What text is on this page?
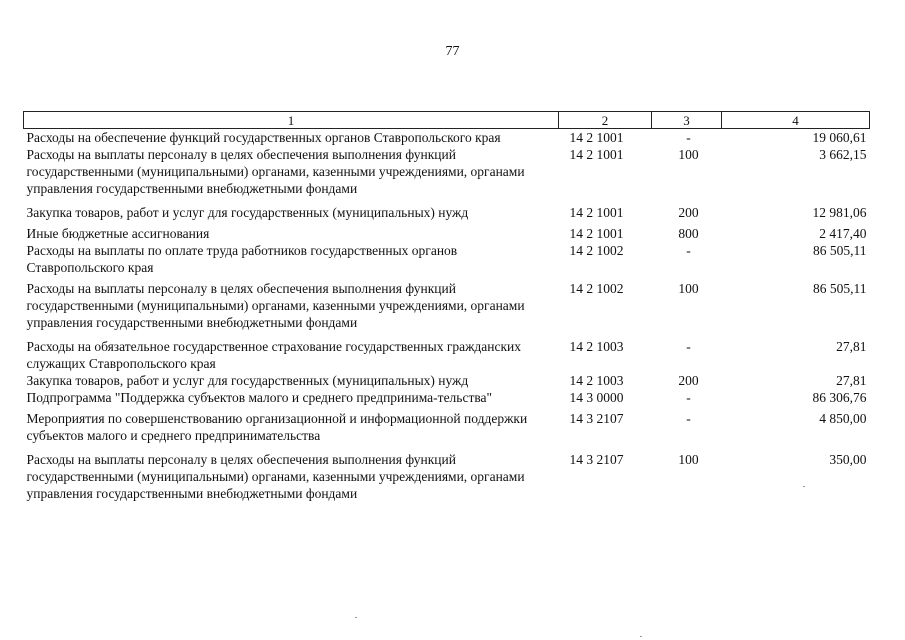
77
1	2	3	4
Расходы на обеспечение функций государственных органов Ставропольского края	14 2 1001	-	19 060,61
Расходы на выплаты персоналу в целях обеспечения выполнения функций государственными (муниципальными) органами, казенными учреждениями, органами управления государственными внебюджетными фондами	14 2 1001	100	3 662,15
Закупка товаров, работ и услуг для государственных (муниципальных) нужд	14 2 1001	200	12 981,06
Иные бюджетные ассигнования	14 2 1001	800	2 417,40
Расходы на выплаты по оплате труда работников государственных органов Ставропольского края	14 2 1002	-	86 505,11
Расходы на выплаты персоналу в целях обеспечения выполнения функций государственными (муниципальными) органами, казенными учреждениями, органами управления государственными внебюджетными фондами	14 2 1002	100	86 505,11
Расходы на обязательное государственное страхование государственных гражданских служащих Ставропольского края	14 2 1003	-	27,81
Закупка товаров, работ и услуг для государственных (муниципальных) нужд	14 2 1003	200	27,81
Подпрограмма "Поддержка субъектов малого и среднего предпринима-тельства"	14 3 0000	-	86 306,76
Мероприятия по совершенствованию организационной и информационной поддержки субъектов малого и среднего предпринимательства	14 3 2107	-	4 850,00
Расходы на выплаты персоналу в целях обеспечения выполнения функций государственными (муниципальными) органами, казенными учреждениями, органами управления государственными внебюджетными фондами	14 3 2107	100	350,00
